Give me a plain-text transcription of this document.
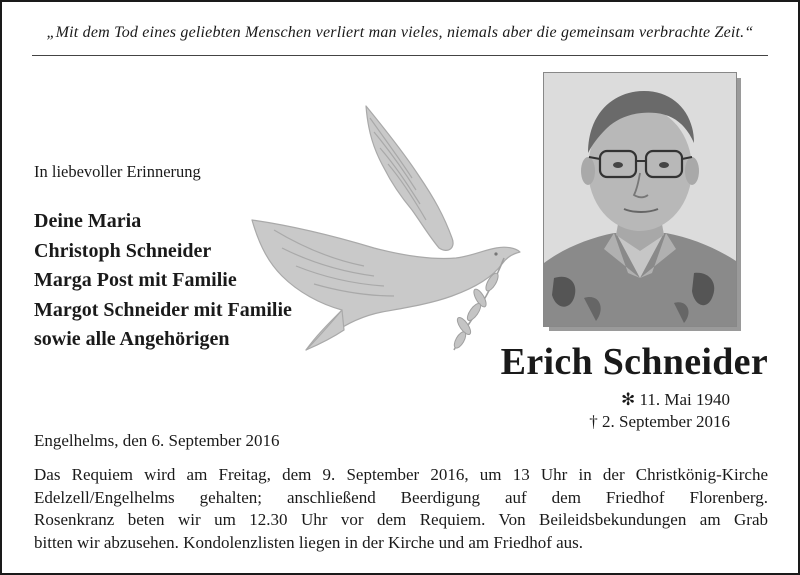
„Mit dem Tod eines geliebten Menschen verliert man vieles, niemals aber die gemeinsam verbrachte Zeit.“
In liebevoller Erinnerung
Deine Maria
Christoph Schneider
Marga Post mit Familie
Margot Schneider mit Familie
sowie alle Angehörigen
Erich Schneider
✻ 11. Mai 1940
† 2. September 2016
Engelhelms, den 6. September 2016
Das Requiem wird am Freitag, dem 9. September 2016, um 13 Uhr in der Christkönig-Kirche
Edelzell/Engelhelms gehalten; anschließend Beerdigung auf dem Friedhof Florenberg.
Rosenkranz beten wir um 12.30 Uhr vor dem Requiem. Von Beileidsbekundungen am Grab
bitten wir abzusehen. Kondolenzlisten liegen in der Kirche und am Friedhof aus.
